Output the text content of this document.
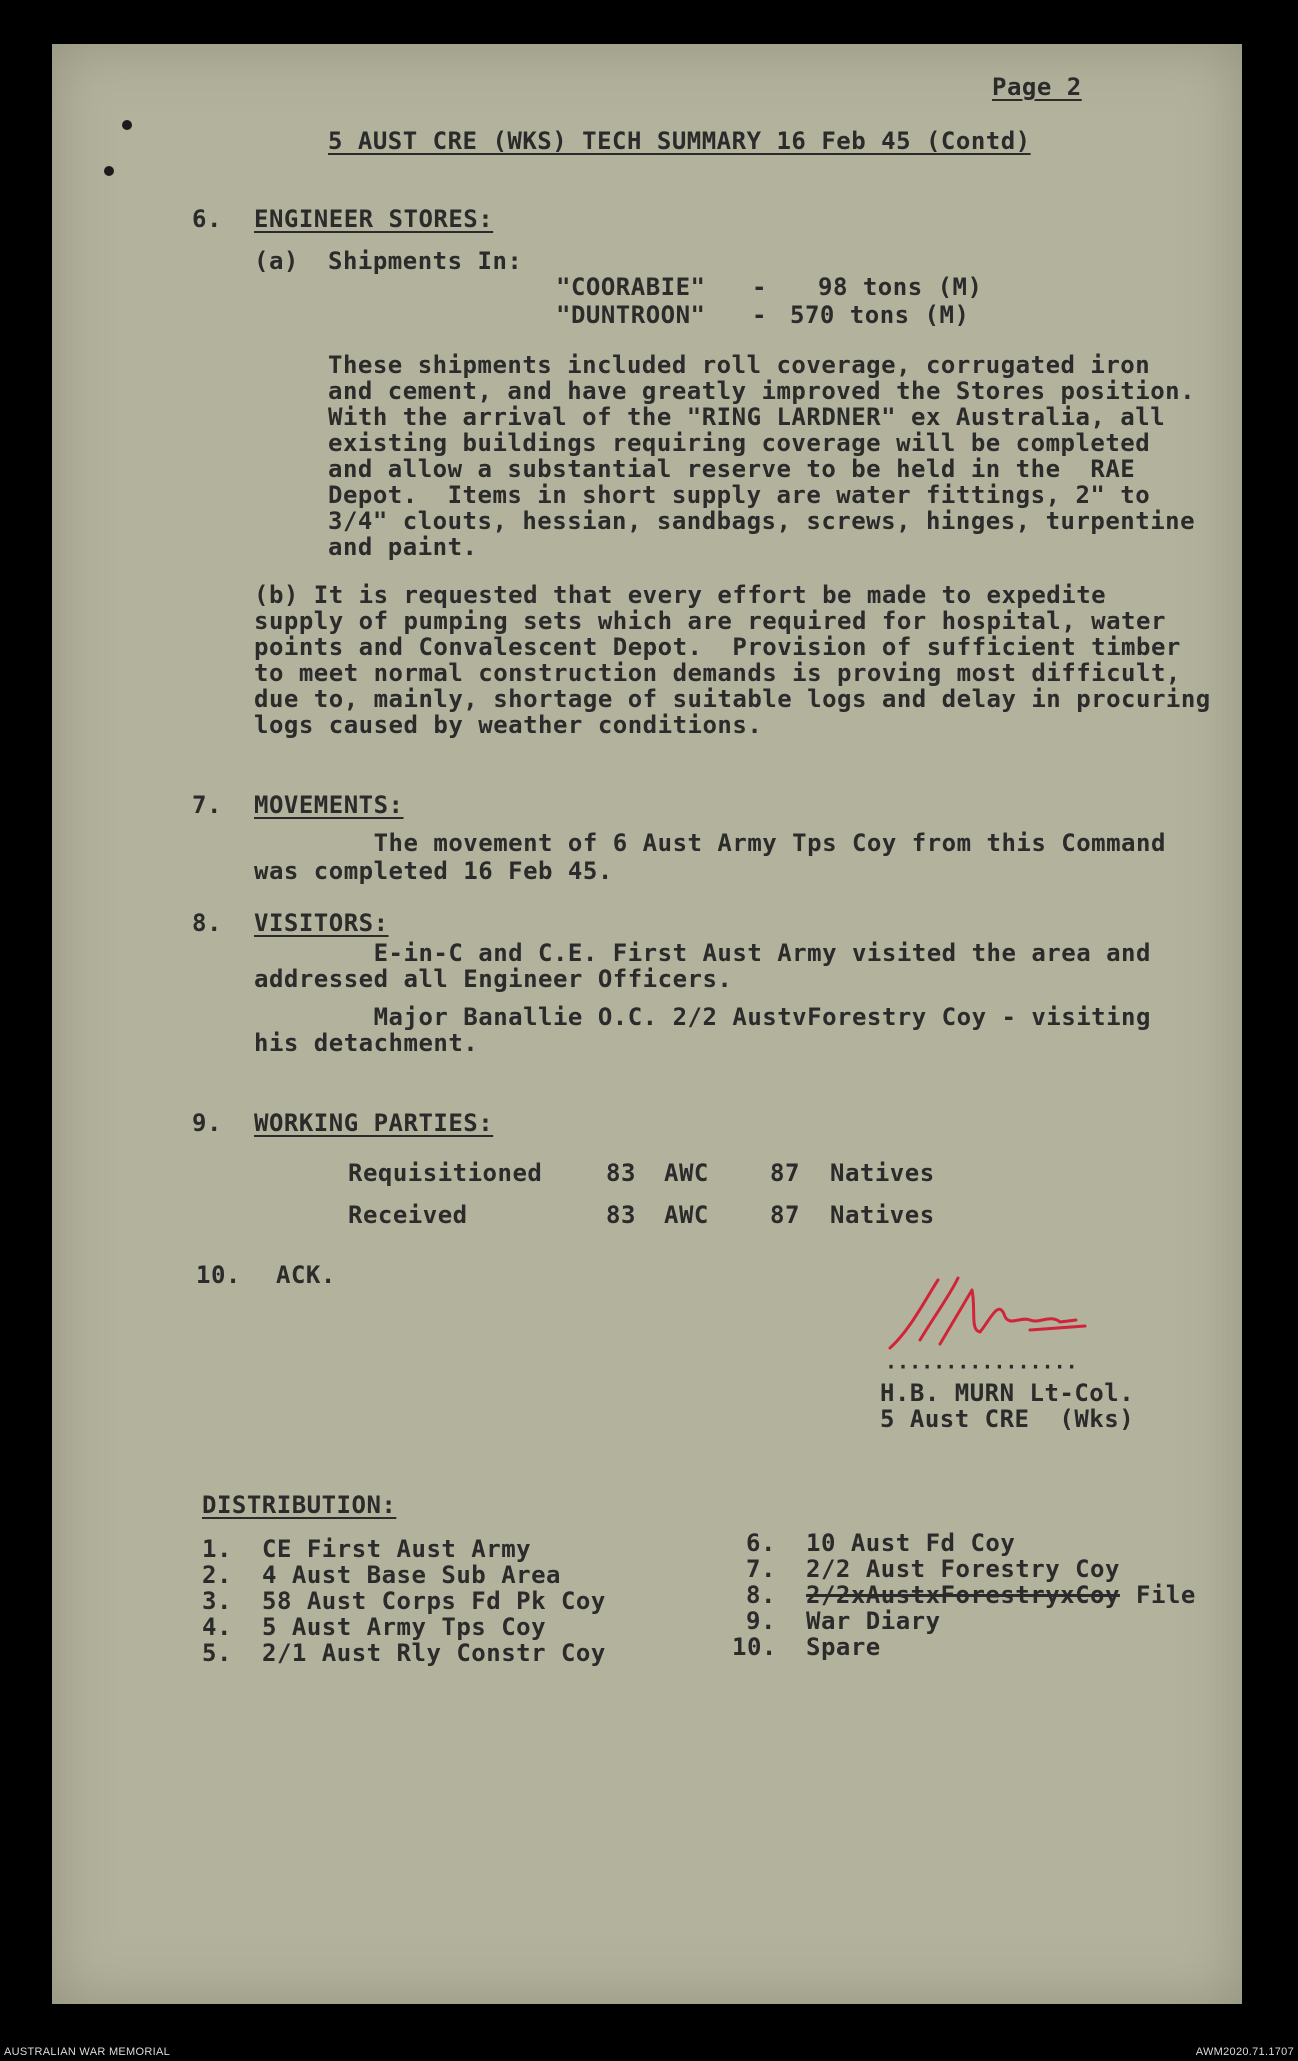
Page 2
5 AUST CRE (WKS) TECH SUMMARY 16 Feb 45 (Contd)
6. ENGINEER STORES:
(a) Shipments In:
"COORABIE" - 98 tons (M)
"DUNTROON" - 570 tons (M)
These shipments included roll coverage, corrugated iron
and cement, and have greatly improved the Stores position.
With the arrival of the "RING LARDNER" ex Australia, all
existing buildings requiring coverage will be completed
and allow a substantial reserve to be held in the  RAE
Depot.  Items in short supply are water fittings, 2" to
3/4" clouts, hessian, sandbags, screws, hinges, turpentine
and paint.
(b) It is requested that every effort be made to expedite
supply of pumping sets which are required for hospital, water
points and Convalescent Depot.  Provision of sufficient timber
to meet normal construction demands is proving most difficult,
due to, mainly, shortage of suitable logs and delay in procuring
logs caused by weather conditions.
7. MOVEMENTS:
The movement of 6 Aust Army Tps Coy from this Command
was completed 16 Feb 45.
8. VISITORS:
E-in-C and C.E. First Aust Army visited the area and
addressed all Engineer Officers.
Major Banallie O.C. 2/2 AustvForestry Coy - visiting
his detachment.
9. WORKING PARTIES:
Requisitioned	83 AWC	87 Natives
Received	83 AWC	87 Natives
10. ACK.
················
H.B. MURN Lt-Col.
5 Aust CRE  (Wks)
DISTRIBUTION:
1. CE First Aust Army
2. 4 Aust Base Sub Area
3. 58 Aust Corps Fd Pk Coy
4. 5 Aust Army Tps Coy
5. 2/1 Aust Rly Constr Coy
6. 10 Aust Fd Coy
7. 2/2 Aust Forestry Coy
8. 2/2xAustxForestryxCoy File
9. War Diary
10. Spare
AUSTRALIAN WAR MEMORIAL	AWM2020.71.1707
